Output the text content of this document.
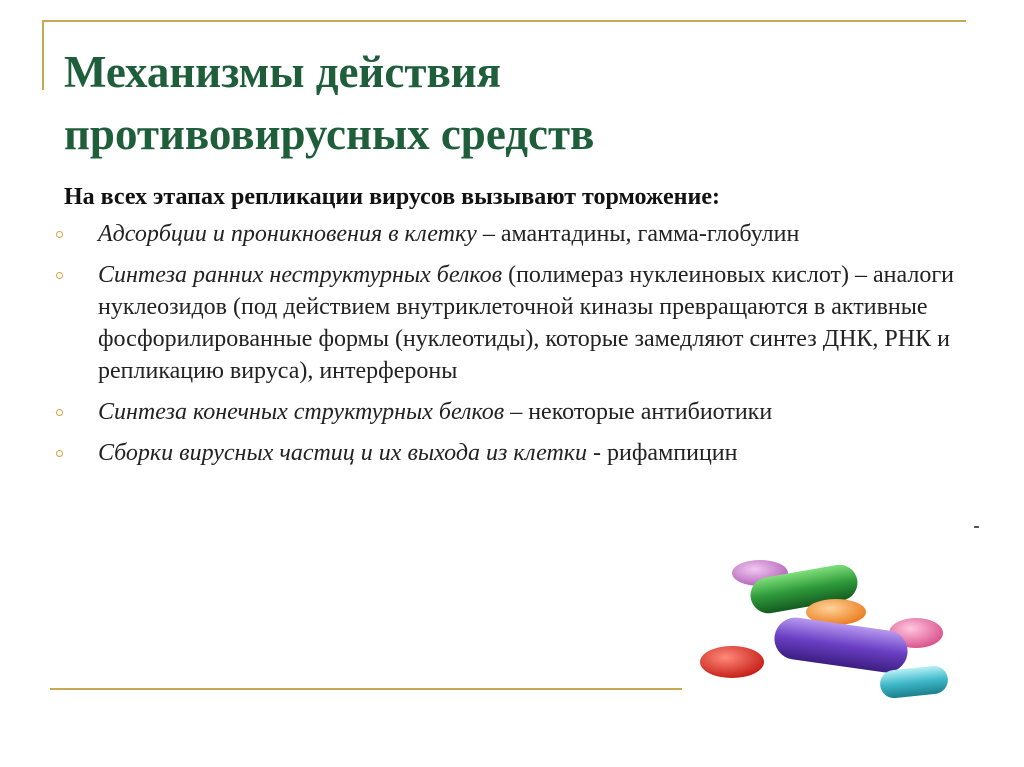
Механизмы действия
противовирусных средств
На всех этапах репликации вирусов вызывают торможение:
Адсорбции и проникновения в клетку – амантадины, гамма-глобулин
Синтеза ранних неструктурных белков (полимераз нуклеиновых кислот) – аналоги нуклеозидов (под действием внутриклеточной киназы превращаются в активные фосфорилированные формы (нуклеотиды), которые замедляют синтез ДНК, РНК и репликацию вируса), интерфероны
Синтеза конечных структурных белков – некоторые антибиотики
Сборки вирусных частиц и их выхода из клетки - рифампицин
